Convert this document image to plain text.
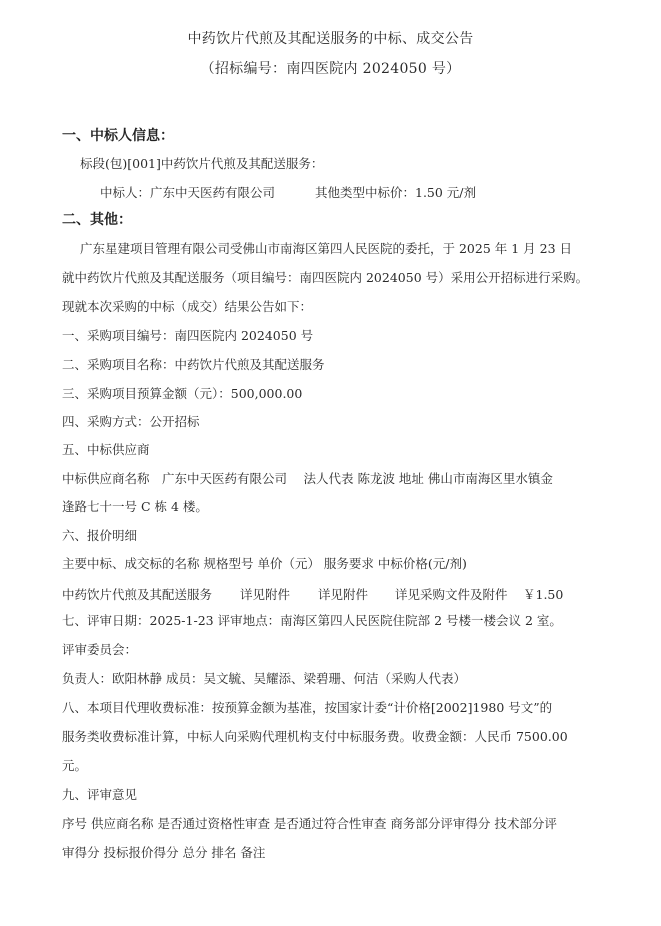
中药饮片代煎及其配送服务的中标、成交公告
（招标编号：南四医院内 2024050 号）
一、中标人信息：
标段(包)[001]中药饮片代煎及其配送服务：
中标人：广东中天医药有限公司	其他类型中标价：1.50 元/剂
二、其他：
广东星建项目管理有限公司受佛山市南海区第四人民医院的委托，于 2025 年 1 月 23 日
就中药饮片代煎及其配送服务（项目编号：南四医院内 2024050 号）采用公开招标进行采购。
现就本次采购的中标（成交）结果公告如下：
一、采购项目编号：南四医院内 2024050 号
二、采购项目名称：中药饮片代煎及其配送服务
三、采购项目预算金额（元）：500,000.00
四、采购方式：公开招标
五、中标供应商
中标供应商名称　广东中天医药有限公司　 法人代表 陈龙波 地址 佛山市南海区里水镇金
逢路七十一号 C 栋 4 楼。
六、报价明细
主要中标、成交标的名称 规格型号 单价（元） 服务要求 中标价格(元/剂)
中药饮片代煎及其配送服务 详见附件 详见附件 详见采购文件及附件 ￥1.50
七、评审日期：2025-1-23 评审地点：南海区第四人民医院住院部 2 号楼一楼会议 2 室。
评审委员会：
负责人：欧阳林静 成员：吴文毓、吴耀添、梁碧珊、何洁（采购人代表）
八、本项目代理收费标准：按预算金额为基准，按国家计委“计价格[2002]1980 号文”的
服务类收费标准计算，中标人向采购代理机构支付中标服务费。收费金额：人民币 7500.00
元。
九、评审意见
序号 供应商名称 是否通过资格性审查 是否通过符合性审查 商务部分评审得分 技术部分评
审得分 投标报价得分 总分 排名 备注
